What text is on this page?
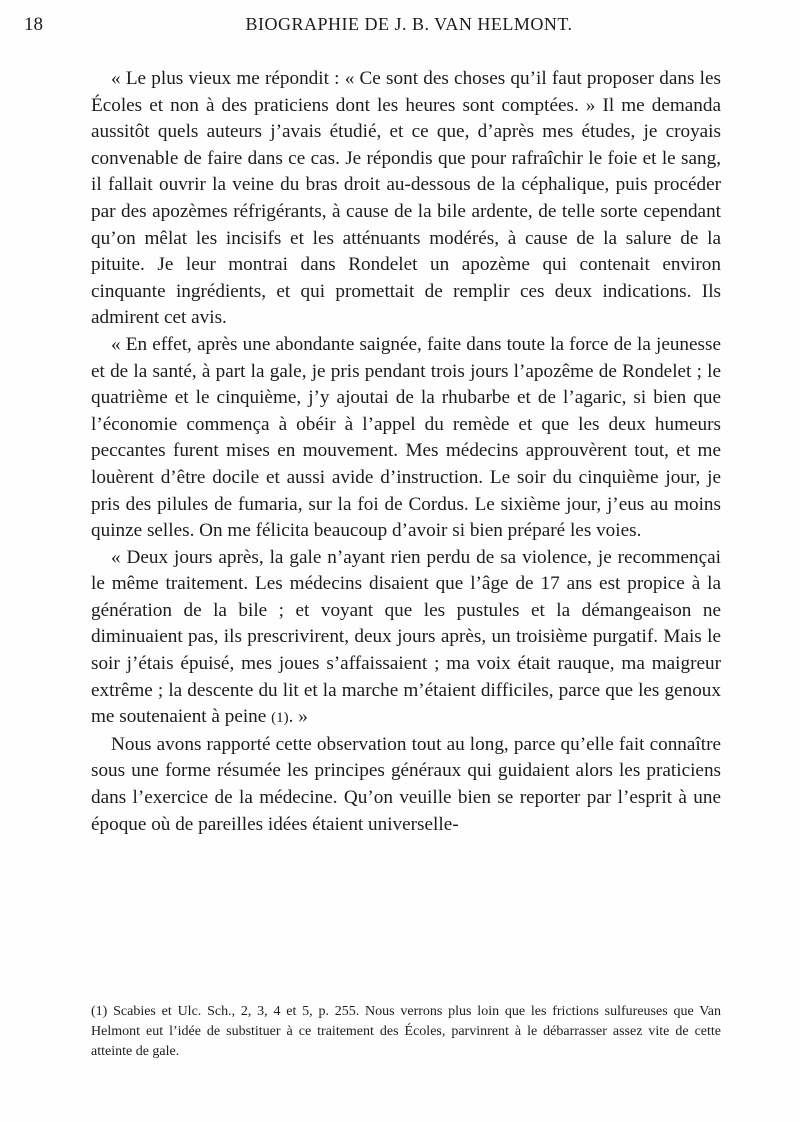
18	BIOGRAPHIE DE J. B. VAN HELMONT.

« Le plus vieux me répondit : « Ce sont des choses qu’il faut proposer dans les Écoles et non à des praticiens dont les heures sont comptées. » Il me demanda aussitôt quels auteurs j’avais étudié, et ce que, d’après mes études, je croyais convenable de faire dans ce cas. Je répondis que pour rafraîchir le foie et le sang, il fallait ouvrir la veine du bras droit au-dessous de la céphalique, puis procéder par des apozèmes réfrigérants, à cause de la bile ardente, de telle sorte cependant qu’on mêlat les incisifs et les atténuants modérés, à cause de la salure de la pituite. Je leur montrai dans Rondelet un apozème qui contenait environ cinquante ingrédients, et qui promettait de remplir ces deux indications. Ils admirent cet avis.

« En effet, après une abondante saignée, faite dans toute la force de la jeunesse et de la santé, à part la gale, je pris pendant trois jours l’apozême de Rondelet ; le quatrième et le cinquième, j’y ajoutai de la rhubarbe et de l’agaric, si bien que l’économie commença à obéir à l’appel du remède et que les deux humeurs peccantes furent mises en mouvement. Mes médecins approuvèrent tout, et me louèrent d’être docile et aussi avide d’instruction. Le soir du cinquième jour, je pris des pilules de fumaria, sur la foi de Cordus. Le sixième jour, j’eus au moins quinze selles. On me félicita beaucoup d’avoir si bien préparé les voies.

« Deux jours après, la gale n’ayant rien perdu de sa violence, je recommençai le même traitement. Les médecins disaient que l’âge de 17 ans est propice à la génération de la bile ; et voyant que les pustules et la démangeaison ne diminuaient pas, ils prescrivirent, deux jours après, un troisième purgatif. Mais le soir j’étais épuisé, mes joues s’affaissaient ; ma voix était rauque, ma maigreur extrême ; la descente du lit et la marche m’étaient difficiles, parce que les genoux me soutenaient à peine (1). »

Nous avons rapporté cette observation tout au long, parce qu’elle fait connaître sous une forme résumée les principes généraux qui guidaient alors les praticiens dans l’exercice de la médecine. Qu’on veuille bien se reporter par l’esprit à une époque où de pareilles idées étaient universelle-

(1) Scabies et Ulc. Sch., 2, 3, 4 et 5, p. 255. Nous verrons plus loin que les frictions sulfureuses que Van Helmont eut l’idée de substituer à ce traitement des Écoles, parvinrent à le débarrasser assez vite de cette atteinte de gale.
